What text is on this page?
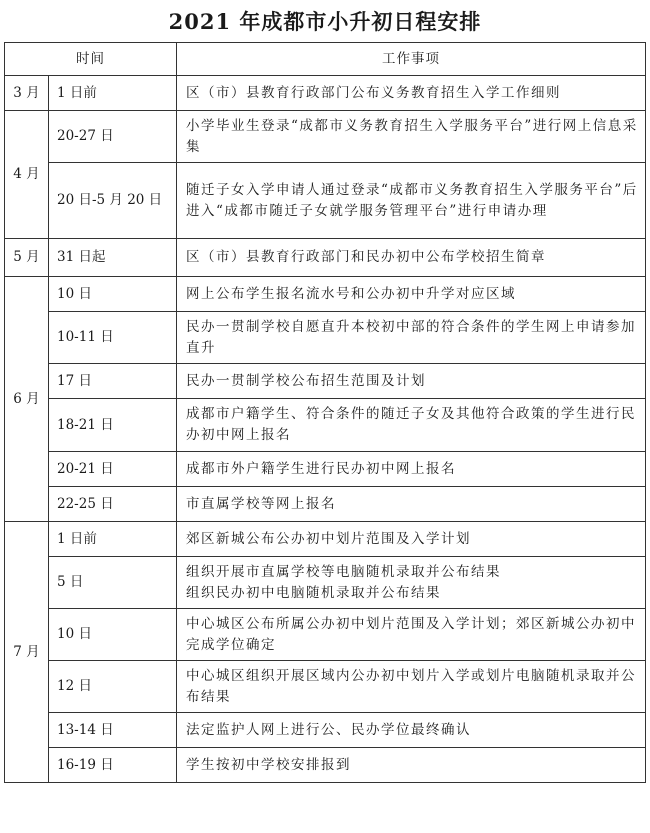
2021 年成都市小升初日程安排
时间		工作事项
3 月	1 日前	区（市）县教育行政部门公布义务教育招生入学工作细则
4 月	20-27 日	小学毕业生登录“成都市义务教育招生入学服务平台”进行网上信息采集
	20 日-5 月 20 日	随迁子女入学申请人通过登录“成都市义务教育招生入学服务平台”后进入“成都市随迁子女就学服务管理平台”进行申请办理
5 月	31 日起	区（市）县教育行政部门和民办初中公布学校招生简章
6 月	10 日	网上公布学生报名流水号和公办初中升学对应区域
	10-11 日	民办一贯制学校自愿直升本校初中部的符合条件的学生网上申请参加直升
	17 日	民办一贯制学校公布招生范围及计划
	18-21 日	成都市户籍学生、符合条件的随迁子女及其他符合政策的学生进行民办初中网上报名
	20-21 日	成都市外户籍学生进行民办初中网上报名
	22-25 日	市直属学校等网上报名
7 月	1 日前	郊区新城公布公办初中划片范围及入学计划
	5 日	组织开展市直属学校等电脑随机录取并公布结果
组织民办初中电脑随机录取并公布结果

	10 日	中心城区公布所属公办初中划片范围及入学计划；郊区新城公办初中完成学位确定
	12 日	中心城区组织开展区域内公办初中划片入学或划片电脑随机录取并公布结果
	13-14 日	法定监护人网上进行公、民办学位最终确认
	16-19 日	学生按初中学校安排报到
